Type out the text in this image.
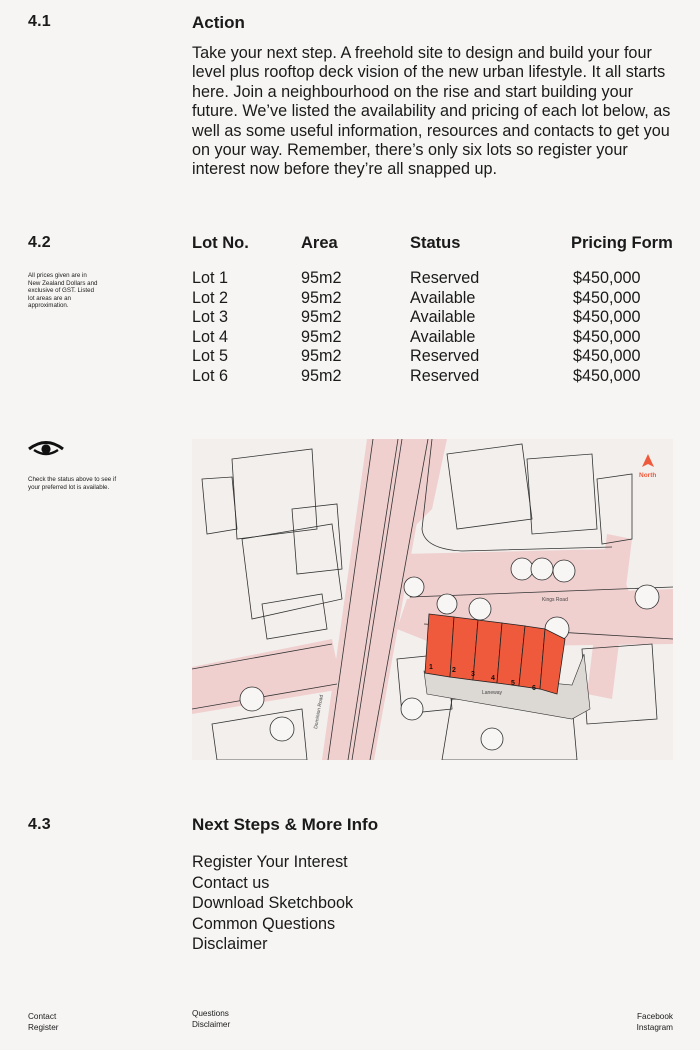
4.1	Action

Take your next step. A freehold site to design and build your four level plus rooftop deck vision of the new urban lifestyle. It all starts here. Join a neighbourhood on the rise and start building your future. We’ve listed the availability and pricing of each lot below, as well as some useful information, resources and contacts to get you on your way. Remember, there’s only six lots so register your interest now before they’re all snapped up.

4.2
All prices given are in New Zealand Dollars and exclusive of GST. Listed lot areas are an approximation.
Lot No.	Area	Status	Pricing Form
Lot 1	95m2	Reserved	$450,000
Lot 2	95m2	Available	$450,000
Lot 3	95m2	Available	$450,000
Lot 4	95m2	Available	$450,000
Lot 5	95m2	Reserved	$450,000
Lot 6	95m2	Reserved	$450,000
Check the status above to see if your preferred lot is available.
1	2
3
4
5
6
Kings Road
Laneway
Dominion Road
North
4.3	Next Steps & More Info
Register Your Interest
Contact us
Download Sketchbook
Common Questions
Disclaimer
Contact
Register
Questions
Disclaimer
Facebook
Instagram
